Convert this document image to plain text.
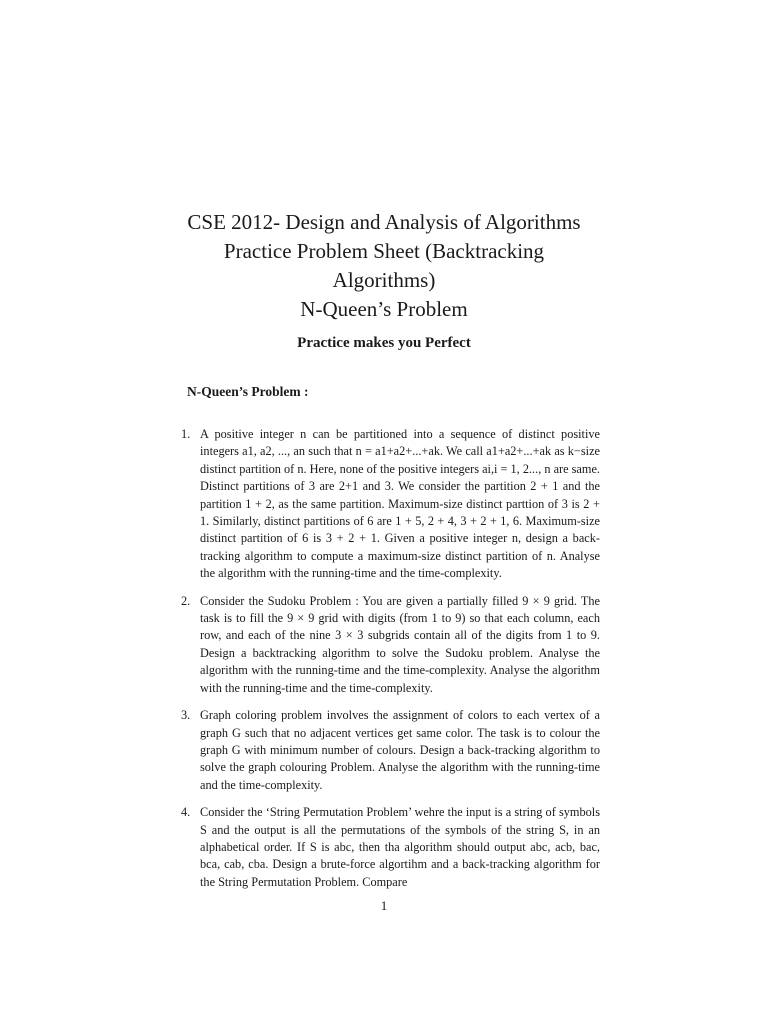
CSE 2012- Design and Analysis of Algorithms
Practice Problem Sheet (Backtracking
Algorithms)
N-Queen’s Problem

Practice makes you Perfect

N-Queen’s Problem :

1. A positive integer n can be partitioned into a sequence of distinct positive integers a1, a2, ..., an such that n = a1+a2+...+ak. We call a1+a2+...+ak as k−size distinct partition of n. Here, none of the positive integers ai,i = 1, 2..., n are same. Distinct partitions of 3 are 2+1 and 3. We consider the partition 2 + 1 and the partition 1 + 2, as the same partition. Maximum-size distinct parttion of 3 is 2 + 1. Similarly, distinct partitions of 6 are 1 + 5, 2 + 4, 3 + 2 + 1, 6. Maximum-size distinct partition of 6 is 3 + 2 + 1. Given a positive integer n, design a back-tracking algorithm to compute a maximum-size distinct partition of n. Analyse the algorithm with the running-time and the time-complexity.
2. Consider the Sudoku Problem : You are given a partially filled 9 × 9 grid. The task is to fill the 9 × 9 grid with digits (from 1 to 9) so that each column, each row, and each of the nine 3 × 3 subgrids contain all of the digits from 1 to 9. Design a backtracking algorithm to solve the Sudoku problem. Analyse the algorithm with the running-time and the time-complexity. Analyse the algorithm with the running-time and the time-complexity.
3. Graph coloring problem involves the assignment of colors to each vertex of a graph G such that no adjacent vertices get same color. The task is to colour the graph G with minimum number of colours. Design a back-tracking algorithm to solve the graph colouring Problem. Analyse the algorithm with the running-time and the time-complexity.
4. Consider the ‘String Permutation Problem’ wehre the input is a string of symbols S and the output is all the permutations of the symbols of the string S, in an alphabetical order. If S is abc, then tha algorithm should output abc, acb, bac, bca, cab, cba. Design a brute-force algortihm and a back-tracking algorithm for the String Permutation Problem. Compare
1
